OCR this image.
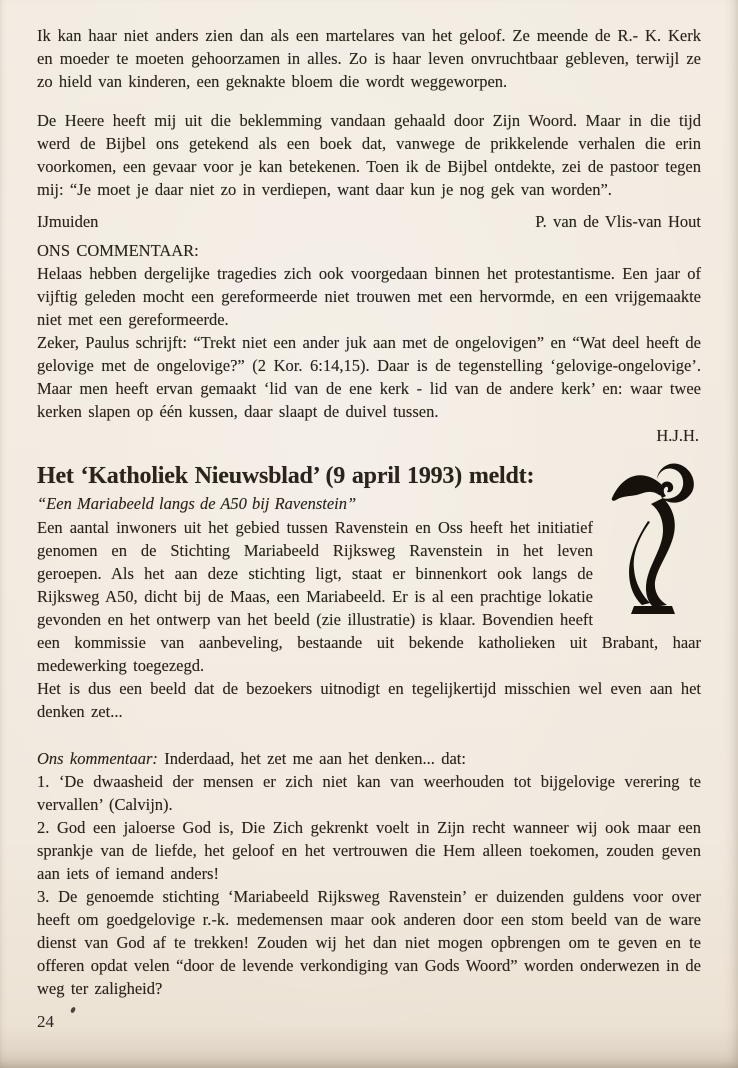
Ik kan haar niet anders zien dan als een martelares van het geloof. Ze meende de R.- K. Kerk en moeder te moeten gehoorzamen in alles. Zo is haar leven onvruchtbaar gebleven, terwijl ze zo hield van kinderen, een geknakte bloem die wordt weggeworpen.

De Heere heeft mij uit die beklemming vandaan gehaald door Zijn Woord. Maar in die tijd werd de Bijbel ons getekend als een boek dat, vanwege de prikkelende verhalen die erin voorkomen, een gevaar voor je kan betekenen. Toen ik de Bijbel ontdekte, zei de pastoor tegen mij: “Je moet je daar niet zo in verdiepen, want daar kun je nog gek van worden”.

IJmuiden	P. van de Vlis-van Hout

ONS COMMENTAAR:

Helaas hebben dergelijke tragedies zich ook voorgedaan binnen het protestantisme. Een jaar of vijftig geleden mocht een gereformeerde niet trouwen met een hervormde, en een vrijgemaakte niet met een gereformeerde.

Zeker, Paulus schrijft: “Trekt niet een ander juk aan met de ongelovigen” en “Wat deel heeft de gelovige met de ongelovige?” (2 Kor. 6:14,15). Daar is de tegenstelling ‘gelovige-ongelovige’. Maar men heeft ervan gemaakt ‘lid van de ene kerk - lid van de andere kerk’ en: waar twee kerken slapen op één kussen, daar slaapt de duivel tussen.

H.J.H.
Het ‘Katholiek Nieuwsblad’ (9 april 1993) meldt:
“Een Mariabeeld langs de A50 bij Ravenstein”

Een aantal inwoners uit het gebied tussen Ravenstein en Oss heeft het initiatief genomen en de Stichting Mariabeeld Rijksweg Ravenstein in het leven geroepen. Als het aan deze stichting ligt, staat er binnenkort ook langs de Rijksweg A50, dicht bij de Maas, een Mariabeeld. Er is al een prachtige lokatie gevonden en het ontwerp van het beeld (zie illustratie) is klaar. Bovendien heeft een kommissie van aanbeveling, bestaande uit bekende katholieken uit Brabant, haar medewerking toegezegd.

Het is dus een beeld dat de bezoekers uitnodigt en tegelijkertijd misschien wel even aan het denken zet...

Ons kommentaar: Inderdaad, het zet me aan het denken... dat:

1. ‘De dwaasheid der mensen er zich niet kan van weerhouden tot bijgelovige verering te vervallen’ (Calvijn).

2. God een jaloerse God is, Die Zich gekrenkt voelt in Zijn recht wanneer wij ook maar een sprankje van de liefde, het geloof en het vertrouwen die Hem alleen toekomen, zouden geven aan iets of iemand anders!

3. De genoemde stichting ‘Mariabeeld Rijksweg Ravenstein’ er duizenden guldens voor over heeft om goedgelovige r.-k. medemensen maar ook anderen door een stom beeld van de ware dienst van God af te trekken! Zouden wij het dan niet mogen opbrengen om te geven en te offeren opdat velen “door de levende verkondiging van Gods Woord” worden onderwezen in de weg ter zaligheid?

24
